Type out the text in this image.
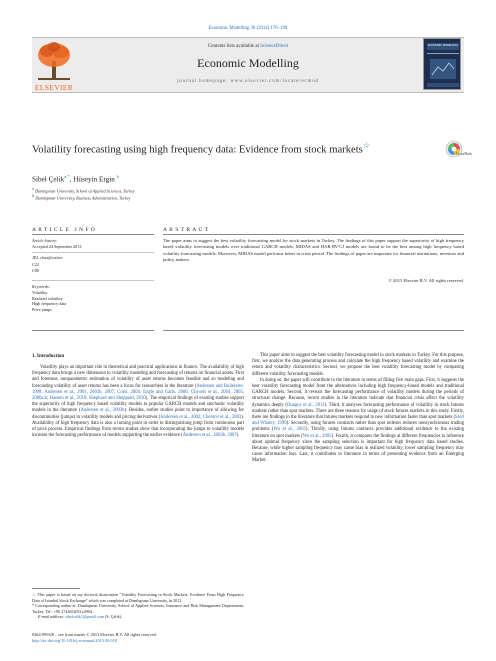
Economic Modelling 36 (2014) 176–190
ELSEVIER
Contents lists available at ScienceDirect
Economic Modelling
journal homepage: www.elsevier.com/locate/ecmod
ECONOMIC MODELLING
Volatility forecasting using high frequency data: Evidence from stock markets☆
CrossMark
Sibel Çelik$^{a,*}$, Hüseyin Ergin $^b$
a Dumlupınar University, School of Applied Sciences, Turkey
b Dumlupınar University, Business Administration, Turkey
ARTICLE INFO	ABSTRACT
Article history:
Accepted 24 September 2013
JEL classification:
C22
C00
Keywords:
Volatility
Realized volatility
High frequency data
Price jumps
The paper aims to suggest the best volatility forecasting model for stock markets in Turkey. The findings of this paper support the superiority of high frequency based volatility forecasting models over traditional GARCH models. MIDAS and HAR-RV-CJ models are found to be the best among high frequency based volatility forecasting models. Moreover, MIDAS model performs better in crisis period. The findings of paper are important for financial institutions, investors and policy makers.
© 2013 Elsevier B.V. All rights reserved.
1. Introduction

Volatility plays an important role in theoretical and practical applications in finance. The availability of high frequency data brings a new dimension to volatility modeling and forecasting of returns on financial assets. First and foremost, nonparametric estimation of volatility of asset returns becomes feasible and so modeling and forecasting volatility of asset returns has been a focus for researchers in the literature (Andersen and Bollerslev, 1998; Andersen et al., 2001, 2003b, 2007; Corsi, 2004; Engle and Gallo, 2006; Ghysels et al., 2004, 2005, 2006a,b; Hansen et al., 2010; Shephard and Sheppard, 2010). The empirical findings of existing studies support the superiority of high frequency based volatility models to popular GARCH models and stochastic volatility models in the literature (Andersen et al., 2003b). Besides, earlier studies point to importance of allowing for discontinuities (jumps) in volatility models and pricing derivatives (Andersen et al., 2002; Chernov et al., 2003). Availability of high frequency data is also a turning point in order to distinguishing jump from continuous part of price process. Empirical findings from recent studies show that incorporating the jumps to volatility models increase the forecasting performance of models supporting the earlier evidence (Andersen et al., 2003b, 2007).

This paper aims to suggest the best volatility forecasting model in stock markets in Turkey. For this purpose, first, we analyze the data generating process and calculate the high frequency based volatility and examine the return and volatility characteristics. Second, we propose the best volatility forecasting model by comparing different volatility forecasting models.

In doing so, the paper will contribute to the literature in terms of filling five main gaps. First, it suggests the best volatility forecasting model from the alternatives including high frequency-based models and traditional GARCH models. Second, it reveals the forecasting performance of volatility models during the periods of structural change. Because, recent studies in the literature indicate that financial crisis affect the volatility dynamics deeply (Dungey et al., 2011). Third, it analyses forecasting performance of volatility in stock futures markets rather than spot markets. There are three reasons for usage of stock futures markets in this study. Firstly, there are findings in the literature that futures markets respond to new information faster than spot markets (Stoll and Whaley, 1990). Secondly, using futures contracts rather than spot indexes reduces nonsynchronous trading problems (Wu et al., 2005). Thirdly, using futures contracts provides additional evidence to the existing literature on spot markets (Wu et al., 2005). Fourth, it compares the findings at different frequencies to inference about optimal frequency since the sampling selection is important for high frequency data based studies. Because, while higher sampling frequency may cause bias in realized volatility, lower sampling frequency may cause information loss. Last, it contributes to literature in terms of presenting evidence from an Emerging Market.

☆ This paper is based on my doctoral dissertation "Volatility Forecasting in Stock Markets: Evidence From High Frequency Data of Istanbul Stock Exchange" which was completed at Dumlupınar University, in 2012.

* Corresponding author at: Dumlupınar University, School of Applied Sciences, Insurance and Risk Management Departement, Turkey. Tel.: +90 2742652031x4904.

E-mail address: sibelcelik1@gmail.com (S. Çelik).

0264-9993/$ – see front matter © 2013 Elsevier B.V. All rights reserved.
http://dx.doi.org/10.1016/j.econmod.2013.09.018
